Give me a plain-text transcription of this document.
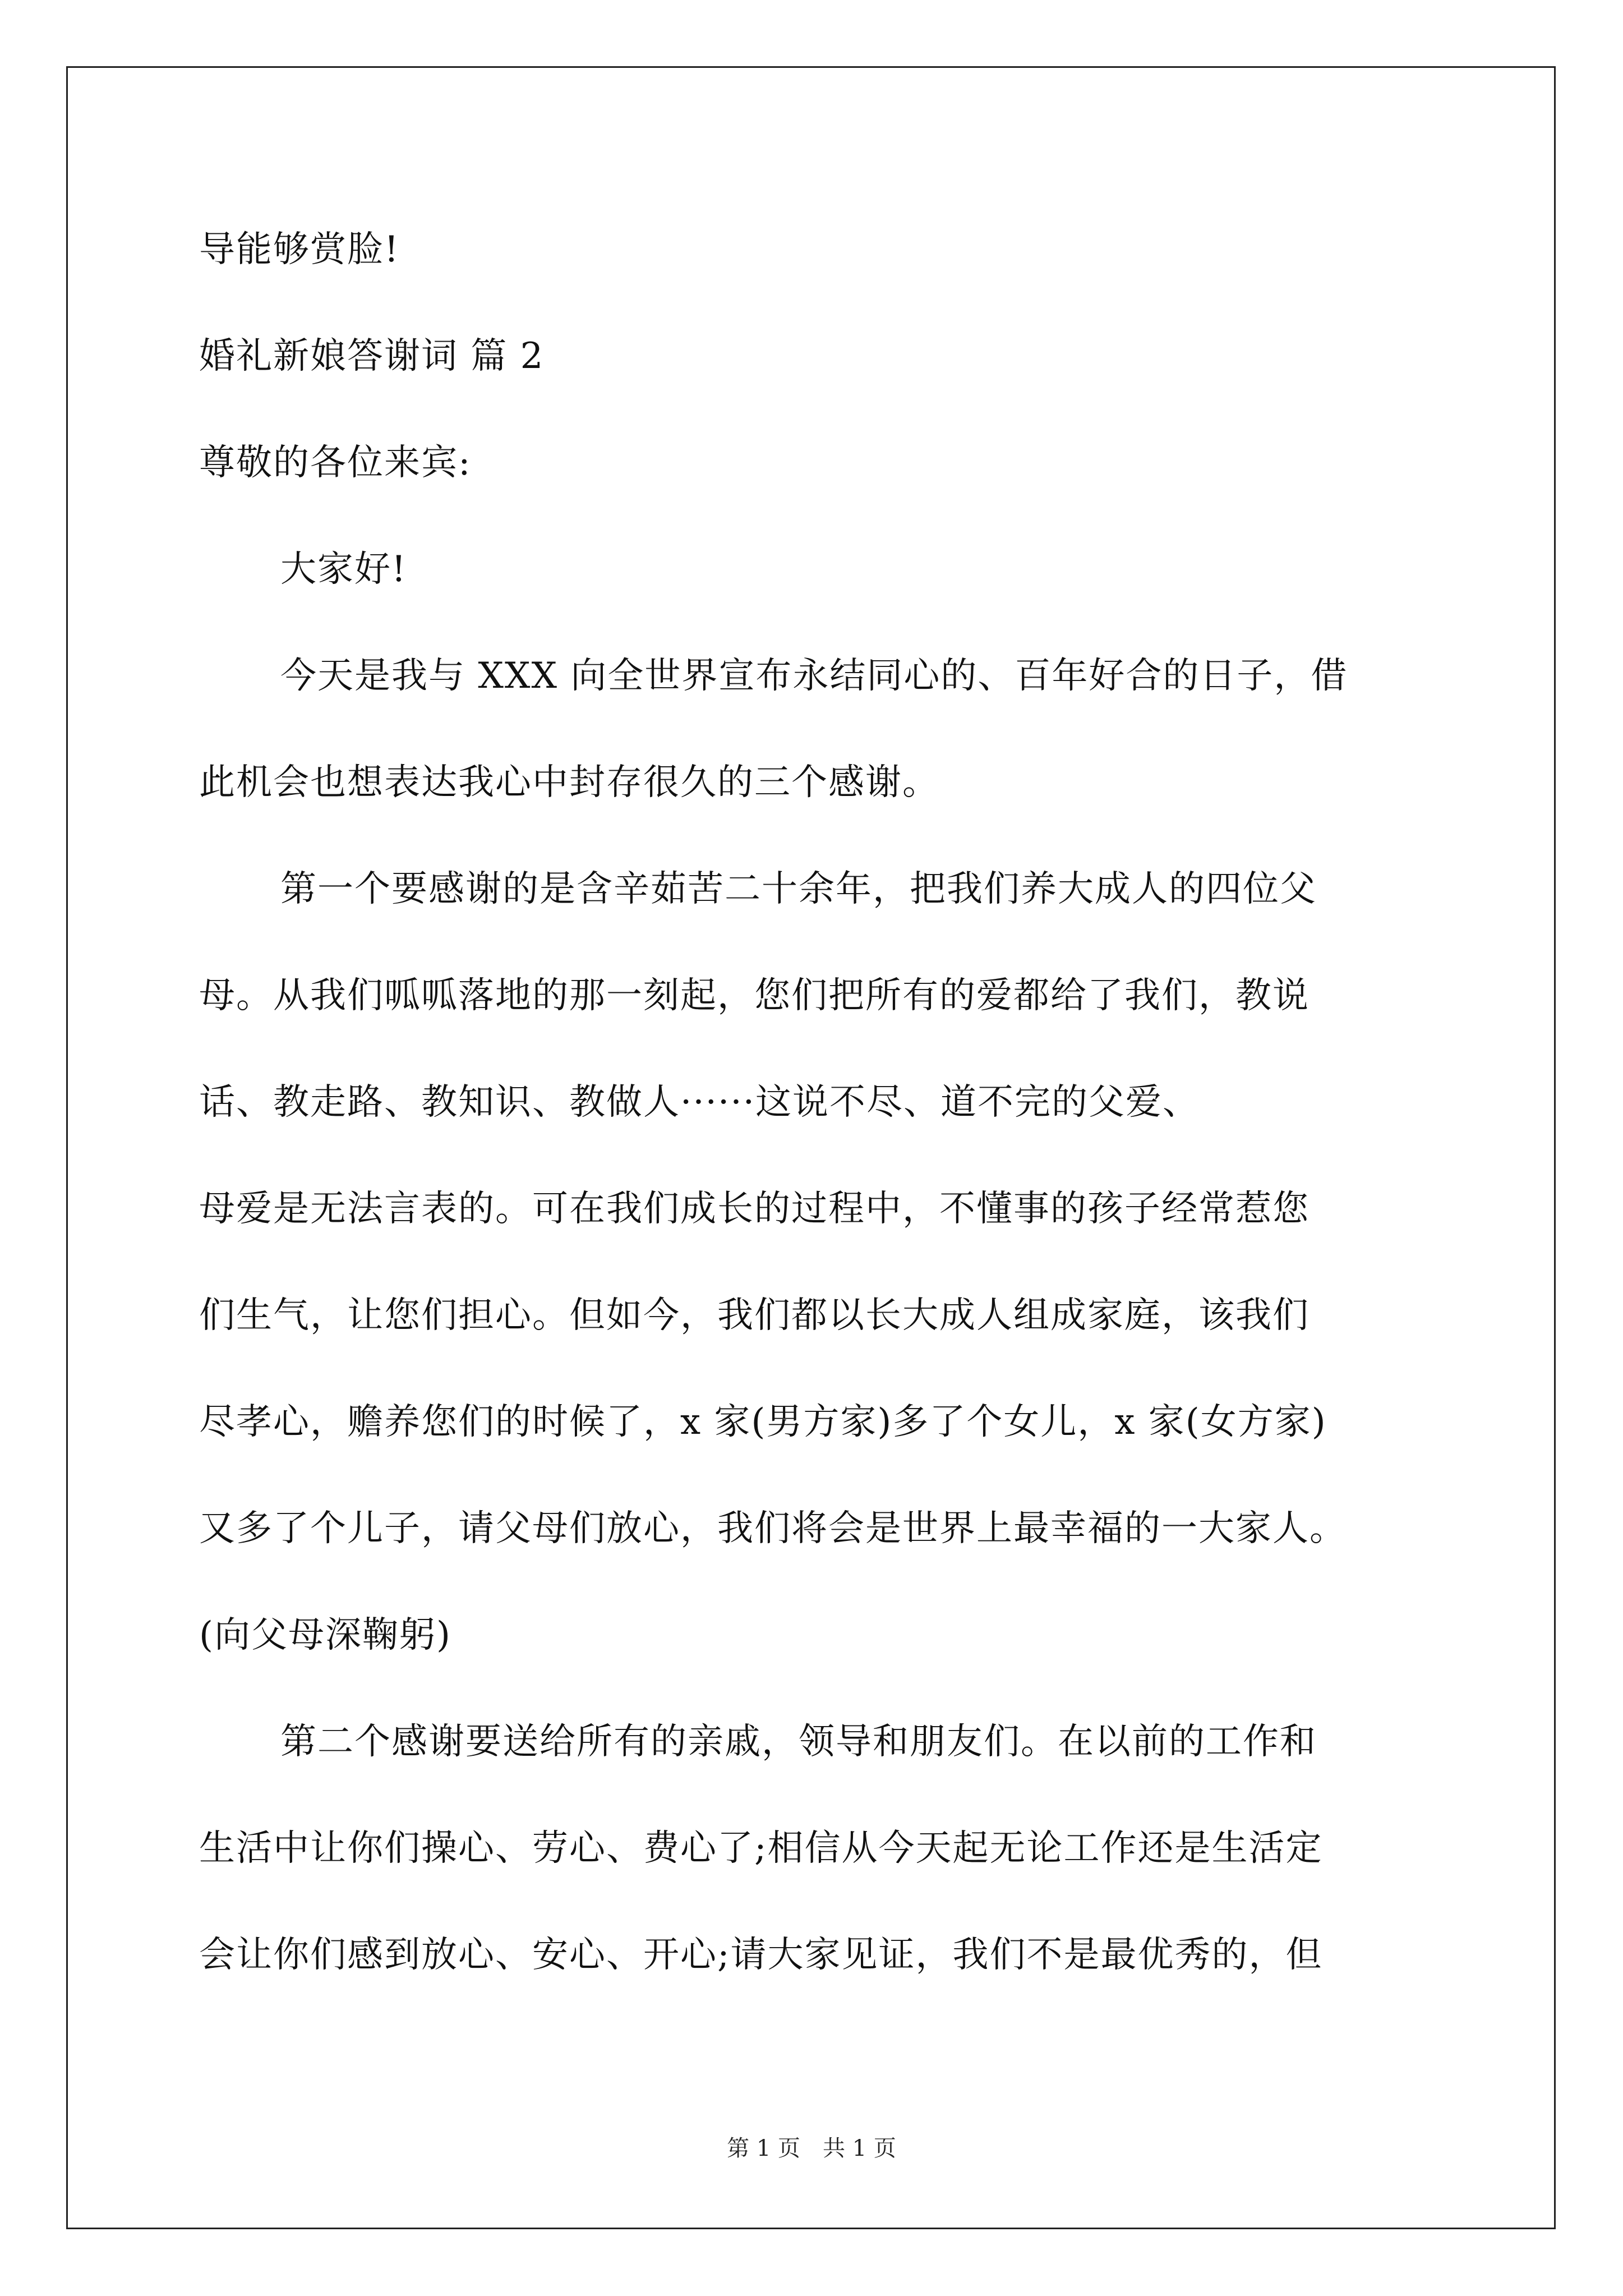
导能够赏脸!
婚礼新娘答谢词 篇 2
尊敬的各位来宾:
大家好!
今天是我与 XXX 向全世界宣布永结同心的、百年好合的日子，借
此机会也想表达我心中封存很久的三个感谢。
第一个要感谢的是含辛茹苦二十余年，把我们养大成人的四位父
母。从我们呱呱落地的那一刻起，您们把所有的爱都给了我们，教说
话、教走路、教知识、教做人······这说不尽、道不完的父爱、
母爱是无法言表的。可在我们成长的过程中，不懂事的孩子经常惹您
们生气，让您们担心。但如今，我们都以长大成人组成家庭，该我们
尽孝心，赡养您们的时候了，x 家(男方家)多了个女儿，x 家(女方家)
又多了个儿子，请父母们放心，我们将会是世界上最幸福的一大家人。
(向父母深鞠躬)
第二个感谢要送给所有的亲戚，领导和朋友们。在以前的工作和
生活中让你们操心、劳心、费心了;相信从今天起无论工作还是生活定
会让你们感到放心、安心、开心;请大家见证，我们不是最优秀的，但
第 1 页　共 1 页
